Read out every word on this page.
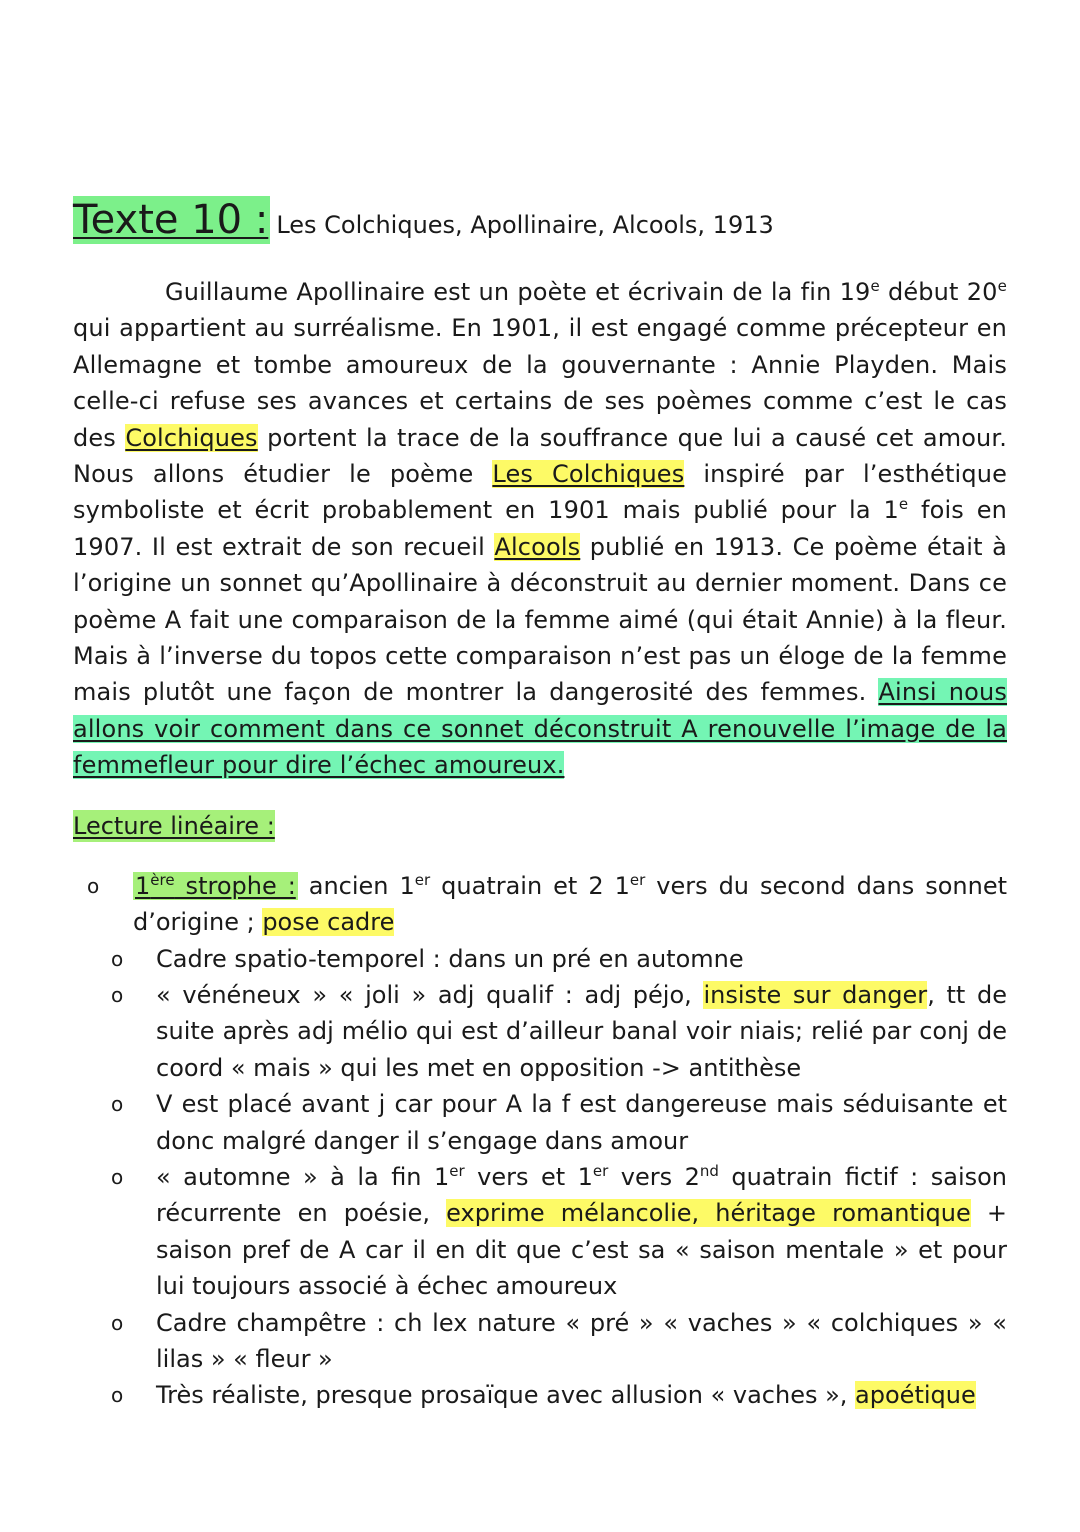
Texte 10 : Les Colchiques, Apollinaire, Alcools, 1913
Guillaume Apollinaire est un poète et écrivain de la fin 19e début 20e qui appartient au surréalisme. En 1901, il est engagé comme précepteur en Allemagne et tombe amoureux de la gouvernante : Annie Playden. Mais celle-ci refuse ses avances et certains de ses poèmes comme c’est le cas des Colchiques portent la trace de la souffrance que lui a causé cet amour. Nous allons étudier le poème Les Colchiques inspiré par l’esthétique symboliste et écrit probablement en 1901 mais publié pour la 1e fois en 1907. Il est extrait de son recueil Alcools publié en 1913. Ce poème était à l’origine un sonnet qu’Apollinaire à déconstruit au dernier moment. Dans ce poème A fait une comparaison de la femme aimé (qui était Annie) à la fleur. Mais à l’inverse du topos cette comparaison n’est pas un éloge de la femme mais plutôt une façon de montrer la dangerosité des femmes. Ainsi nous allons voir comment dans ce sonnet déconstruit A renouvelle l’image de la femmefleur pour dire l’échec amoureux.
Lecture linéaire :
o 1ère strophe : ancien 1er quatrain et 2 1er vers du second dans sonnet d’origine ; pose cadre
o Cadre spatio-temporel : dans un pré en automne
o « vénéneux » « joli » adj qualif : adj péjo, insiste sur danger, tt de suite après adj mélio qui est d’ailleur banal voir niais; relié par conj de coord « mais » qui les met en opposition -> antithèse
o V est placé avant j car pour A la f est dangereuse mais séduisante et donc malgré danger il s’engage dans amour
o « automne » à la fin 1er vers et 1er vers 2nd quatrain fictif : saison récurrente en poésie, exprime mélancolie, héritage romantique + saison pref de A car il en dit que c’est sa « saison mentale » et pour lui toujours associé à échec amoureux
o Cadre champêtre : ch lex nature « pré » « vaches » « colchiques » « lilas » « fleur »
o Très réaliste, presque prosaïque avec allusion « vaches », apoétique
